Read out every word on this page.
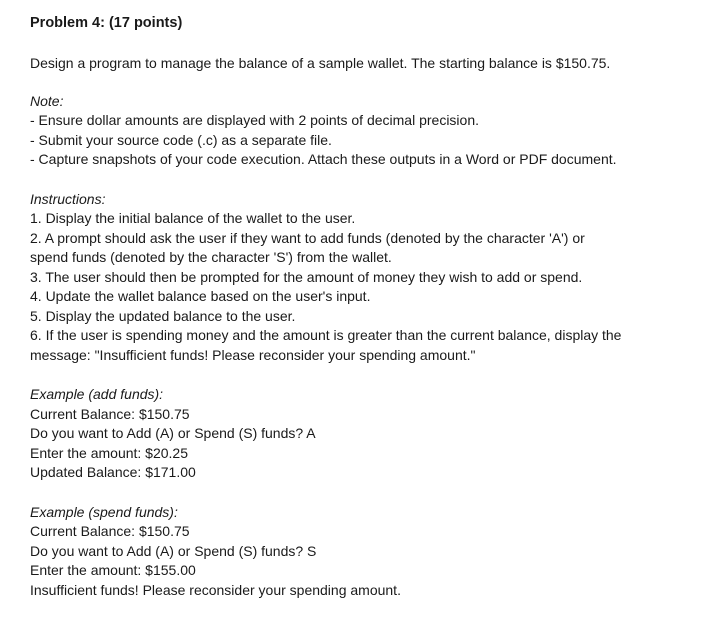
Problem 4: (17 points)

Design a program to manage the balance of a sample wallet. The starting balance is $150.75.

Note:

- Ensure dollar amounts are displayed with 2 points of decimal precision.

- Submit your source code (.c) as a separate file.

- Capture snapshots of your code execution. Attach these outputs in a Word or PDF document.

Instructions:

1. Display the initial balance of the wallet to the user.

2. A prompt should ask the user if they want to add funds (denoted by the character 'A') or

spend funds (denoted by the character 'S') from the wallet.

3. The user should then be prompted for the amount of money they wish to add or spend.

4. Update the wallet balance based on the user's input.

5. Display the updated balance to the user.

6. If the user is spending money and the amount is greater than the current balance, display the

message: "Insufficient funds! Please reconsider your spending amount."

Example (add funds):

Current Balance: $150.75

Do you want to Add (A) or Spend (S) funds? A

Enter the amount: $20.25

Updated Balance: $171.00

Example (spend funds):

Current Balance: $150.75

Do you want to Add (A) or Spend (S) funds? S

Enter the amount: $155.00

Insufficient funds! Please reconsider your spending amount.
